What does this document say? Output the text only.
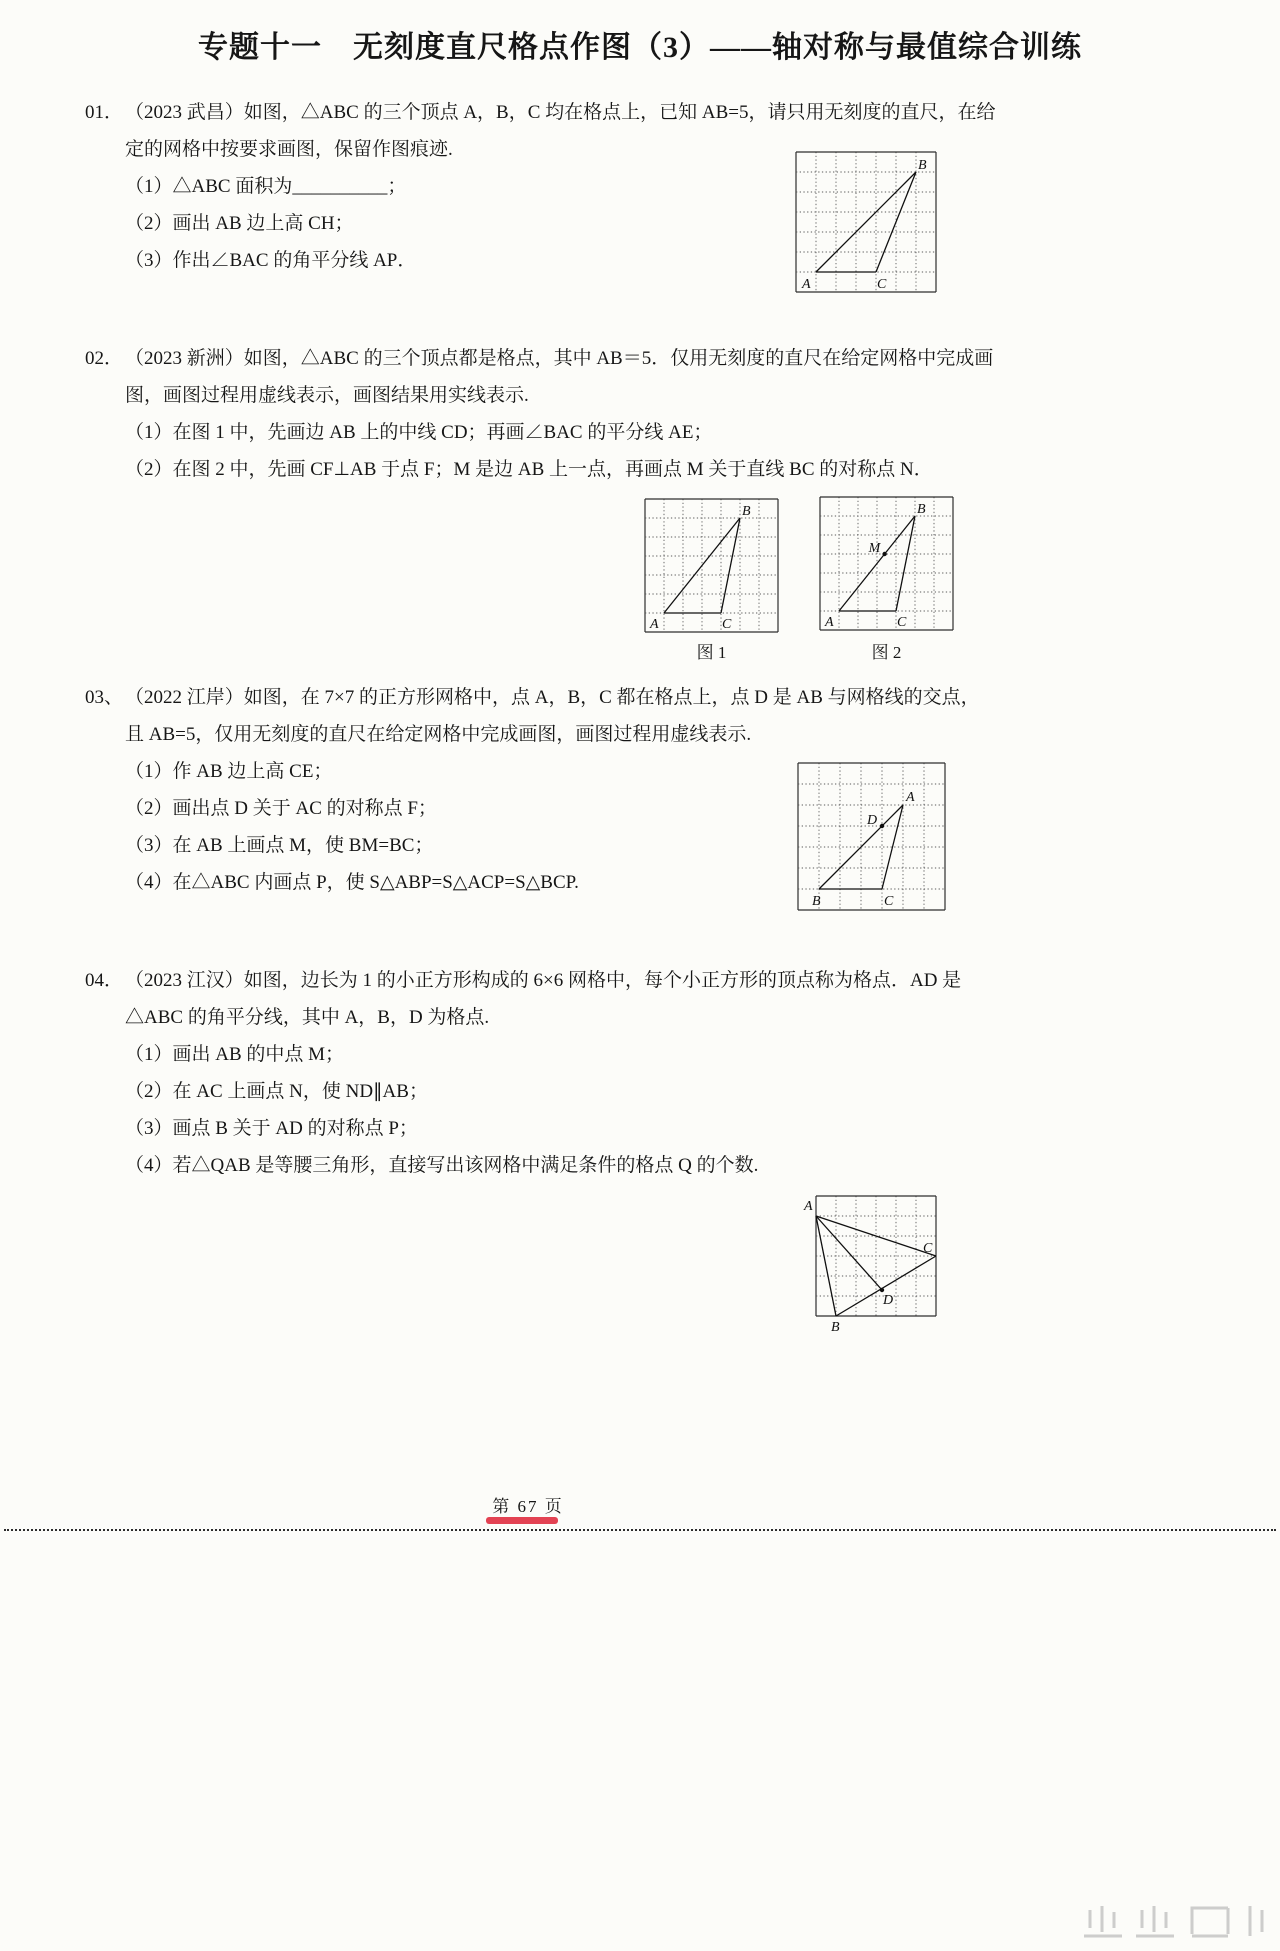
专题十一　无刻度直尺格点作图（3）——轴对称与最值综合训练
01． （2023 武昌）如图，△ABC 的三个顶点 A，B，C 均在格点上，已知 AB=5，请只用无刻度的直尺，在给定的网格中按要求画图，保留作图痕迹.
（1）△ABC 面积为__________；
（2）画出 AB 边上高 CH；
（3）作出∠BAC 的角平分线 AP．
A	C
B
02． （2023 新洲）如图，△ABC 的三个顶点都是格点，其中 AB＝5．仅用无刻度的直尺在给定网格中完成画图，画图过程用虚线表示，画图结果用实线表示.
（1）在图 1 中，先画边 AB 上的中线 CD；再画∠BAC 的平分线 AE；
（2）在图 2 中，先画 CF⊥AB 于点 F；M 是边 AB 上一点，再画点 M 关于直线 BC 的对称点 N．
A	C
B
A	C
B
M
图 1	图 2
03、 （2022 江岸）如图，在 7×7 的正方形网格中，点 A，B，C 都在格点上，点 D 是 AB 与网格线的交点，且 AB=5，仅用无刻度的直尺在给定网格中完成画图，画图过程用虚线表示.
（1）作 AB 边上高 CE；
（2）画出点 D 关于 AC 的对称点 F；
（3）在 AB 上画点 M，使 BM=BC；
（4）在△ABC 内画点 P，使 S△ABP=S△ACP=S△BCP.
B	C
A
D
04． （2023 江汉）如图，边长为 1 的小正方形构成的 6×6 网格中，每个小正方形的顶点称为格点．AD 是△ABC 的角平分线，其中 A，B，D 为格点.
（1）画出 AB 的中点 M；
（2）在 AC 上画点 N，使 ND∥AB；
（3）画点 B 关于 AD 的对称点 P；
（4）若△QAB 是等腰三角形，直接写出该网格中满足条件的格点 Q 的个数.
A
B
C
D
第 67 页
